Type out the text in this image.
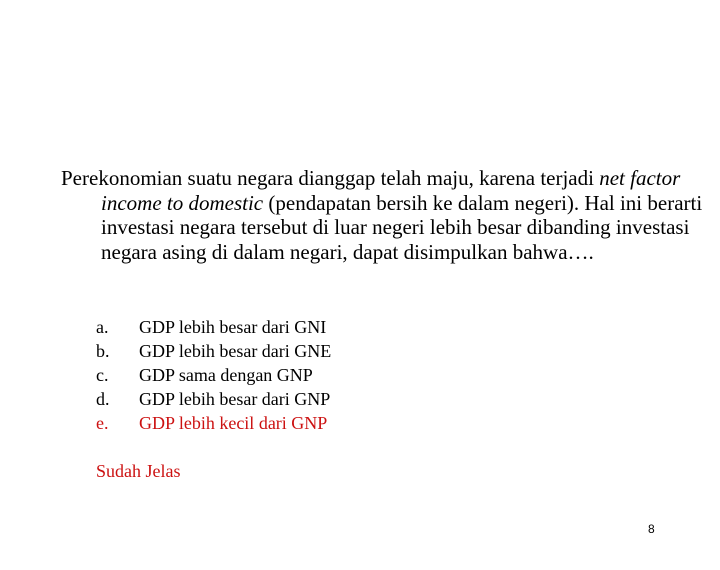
Perekonomian suatu negara dianggap telah maju, karena terjadi net factor income to domestic (pendapatan bersih ke dalam negeri). Hal ini berarti investasi negara tersebut di luar negeri lebih besar dibanding investasi negara asing di dalam negari, dapat disimpulkan bahwa….

a.	GDP lebih besar dari GNI
b.	GDP lebih besar dari GNE
c.	GDP sama dengan GNP
d.	GDP lebih besar dari GNP
e.	GDP lebih kecil dari GNP
Sudah Jelas
8
